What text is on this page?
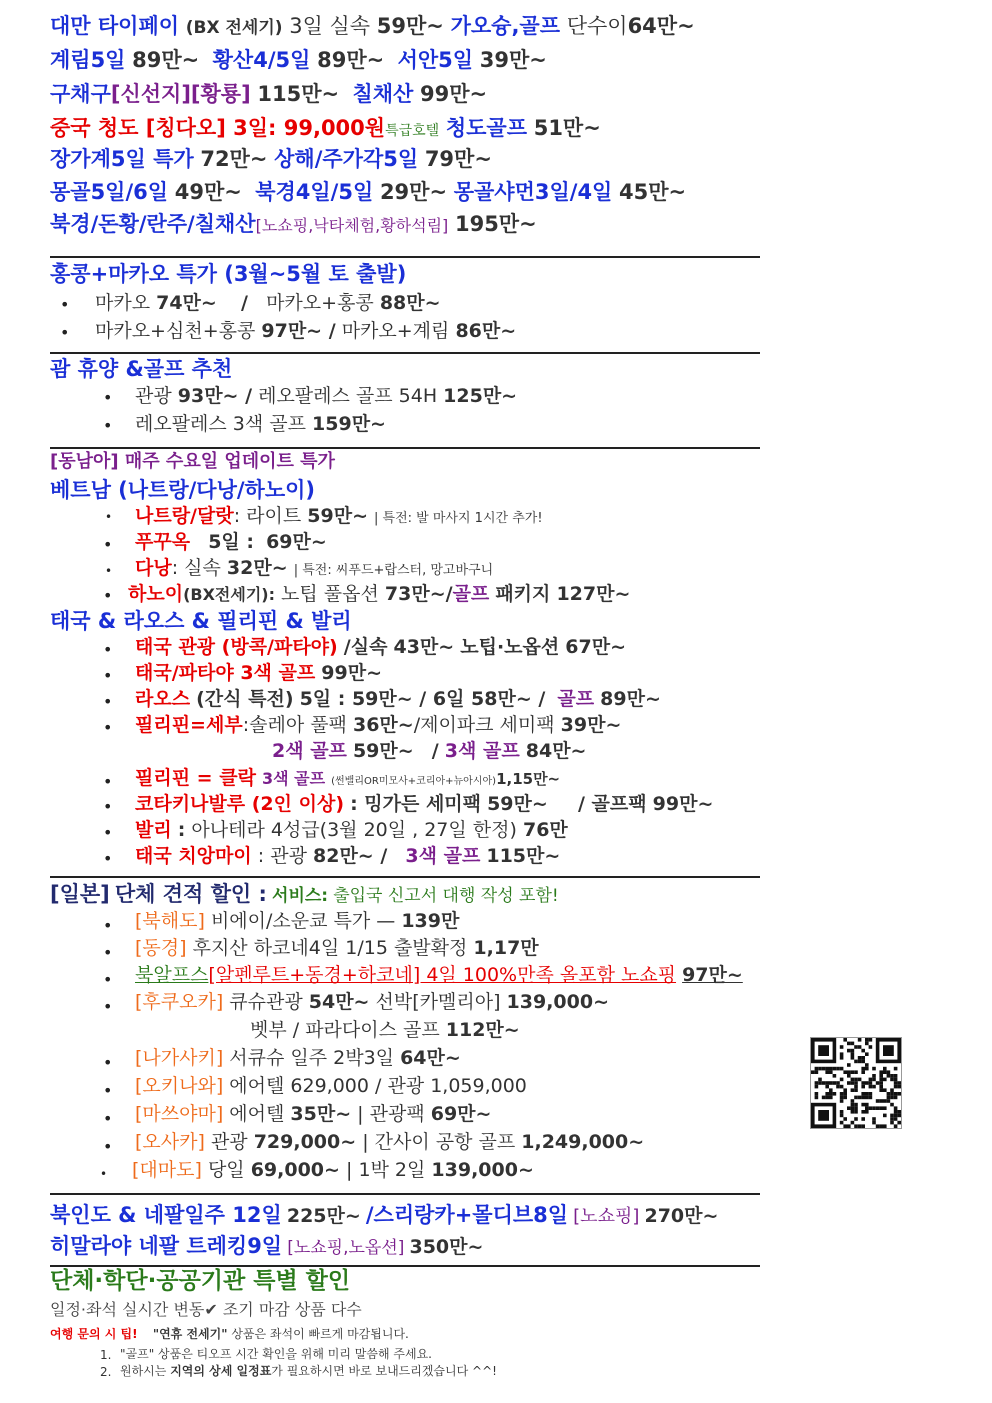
대만 타이페이 (BX 전세기) 3일 실속 59만~ 가오슝,골프 단수이64만~
계림5일 89만~ 황산4/5일 89만~ 서안5일 39만~
구채구[신선지][황룡] 115만~ 칠채산 99만~
중국 청도 [칭다오] 3일: 99,000원특급호텔 청도골프 51만~
장가계5일 특가 72만~ 상해/주가각5일 79만~
몽골5일/6일 49만~ 북경4일/5일 29만~ 몽골샤먼3일/4일 45만~
북경/돈황/란주/칠채산[노쇼핑,낙타체험,황하석림] 195만~
홍콩+마카오 특가 (3월~5월 토 출발)
• 마카오 74만~ / 마카오+홍콩 88만~
• 마카오+심천+홍콩 97만~ / 마카오+계림 86만~
괌 휴양 &골프 추천
• 관광 93만~ / 레오팔레스 골프 54H 125만~
• 레오팔레스 3색 골프 159만~
[동남아] 매주 수요일 업데이트 특가
베트남 (나트랑/다낭/하노이)
• 나트랑/달랏: 라이트 59만~ | 특전: 발 마사지 1시간 추가!
• 푸꾸옥 5일 : 69만~
• 다낭: 실속 32만~ | 특전: 씨푸드+랍스터, 망고바구니
• 하노이(BX전세기): 노팁 풀옵션 73만~/골프 패키지 127만~
태국 & 라오스 & 필리핀 & 발리
• 태국 관광 (방콕/파타야) /실속 43만~ 노팁·노옵션 67만~
• 태국/파타야 3색 골프 99만~
• 라오스 (간식 특전) 5일 : 59만~ / 6일 58만~ / 골프 89만~
• 필리핀=세부:솔레아 풀팩 36만~/제이파크 세미팩 39만~
2색 골프 59만~ / 3색 골프 84만~
• 필리핀 = 클락 3색 골프 (썬밸리OR미모사+코리아+뉴아시아)1,15만~
• 코타키나발루 (2인 이상) : 밍가든 세미팩 59만~ / 골프팩 99만~
• 발리 : 아나테라 4성급(3월 20일 , 27일 한정) 76만
• 태국 치앙마이 : 관광 82만~ / 3색 골프 115만~
[일본] 단체 견적 할인 : 서비스: 출입국 신고서 대행 작성 포함!
• [북해도] 비에이/소운쿄 특가 — 139만
• [동경] 후지산 하코네4일 1/15 출발확정 1,17만
• 북알프스[알펜루트+동경+하코네] 4일 100%만족 올포함 노쇼핑 97만~
• [후쿠오카] 큐슈관광 54만~ 선박[카멜리아] 139,000~
벳부 / 파라다이스 골프 112만~
• [나가사키] 서큐슈 일주 2박3일 64만~
• [오키나와] 에어텔 629,000 / 관광 1,059,000
• [마쓰야마] 에어텔 35만~ | 관광팩 69만~
• [오사카] 관광 729,000~ | 간사이 공항 골프 1,249,000~
• [대마도] 당일 69,000~ | 1박 2일 139,000~
북인도 & 네팔일주 12일 225만~ /스리랑카+몰디브8일 [노쇼핑] 270만~
히말라야 네팔 트레킹9일 [노쇼핑,노옵션] 350만~
단체·학단·공공기관 특별 할인
일정·좌석 실시간 변동✔ 조기 마감 상품 다수
여행 문의 시 팁! "연휴 전세기" 상품은 좌석이 빠르게 마감됩니다.
1. "골프" 상품은 티오프 시간 확인을 위해 미리 말씀해 주세요.
2. 원하시는 지역의 상세 일정표가 필요하시면 바로 보내드리겠습니다 ^^!
